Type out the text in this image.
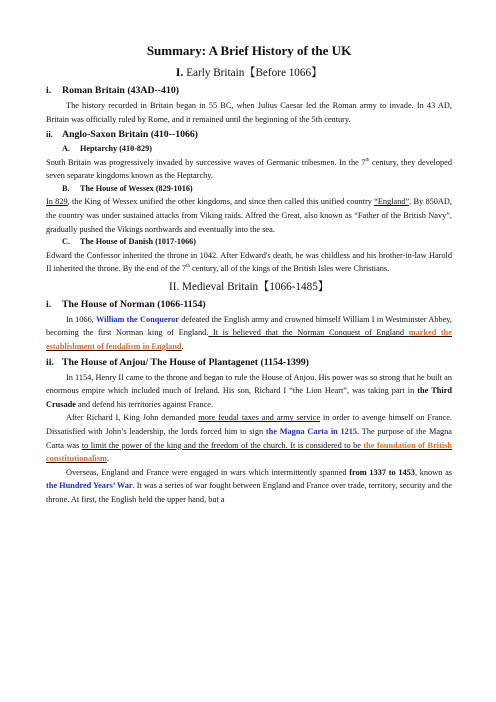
Summary: A Brief History of the UK
I. Early Britain【Before 1066】
i. Roman Britain (43AD--410)

The history recorded in Britain began in 55 BC, when Julius Caesar led the Roman army to invade. In 43 AD, Britain was officially ruled by Rome, and it remained until the beginning of the 5th century.

ii. Anglo-Saxon Britain (410--1066)
A. Heptarchy (410-829)

South Britain was progressively invaded by successive waves of Germanic tribesmen. In the 7th century, they developed seven separate kingdoms known as the Heptarchy.

B. The House of Wessex (829-1016)

In 829, the King of Wessex unified the other kingdoms, and since then called this unified country “England”. By 850AD, the country was under sustained attacks from Viking raids. Alfred the Great, also known as “Father of the British Navy”, gradually pushed the Vikings northwards and eventually into the sea.

C. The House of Danish (1017-1066)

Edward the Confessor inherited the throne in 1042. After Edward's death, he was childless and his brother-in-law Harold II inherited the throne. By the end of the 7th century, all of the kings of the British Isles were Christians.

II. Medieval Britain【1066-1485】
i. The House of Norman (1066-1154)

In 1066, William the Conqueror defeated the English army and crowned himself William I in Westminster Abbey, becoming the first Norman king of England. It is believed that the Norman Conquest of England marked the establishment of feudalism in England.

ii. The House of Anjou/ The House of Plantagenet (1154-1399)

In 1154, Henry II came to the throne and began to rule the House of Anjou. His power was so strong that he built an enormous empire which included much of Ireland. His son, Richard I “the Lion Heart”, was taking part in the Third Crusade and defend his territories against France.

After Richard I, King John demanded more feudal taxes and army service in order to avenge himself on France. Dissatisfied with John’s leadership, the lords forced him to sign the Magna Carta in 1215. The purpose of the Magna Carta was to limit the power of the king and the freedom of the church. It is considered to be the foundation of British constitutionalism.

Overseas, England and France were engaged in wars which intermittently spanned from 1337 to 1453, known as the Hundred Years’ War. It was a series of war fought between England and France over trade, territory, security and the throne. At first, the English held the upper hand, but a
